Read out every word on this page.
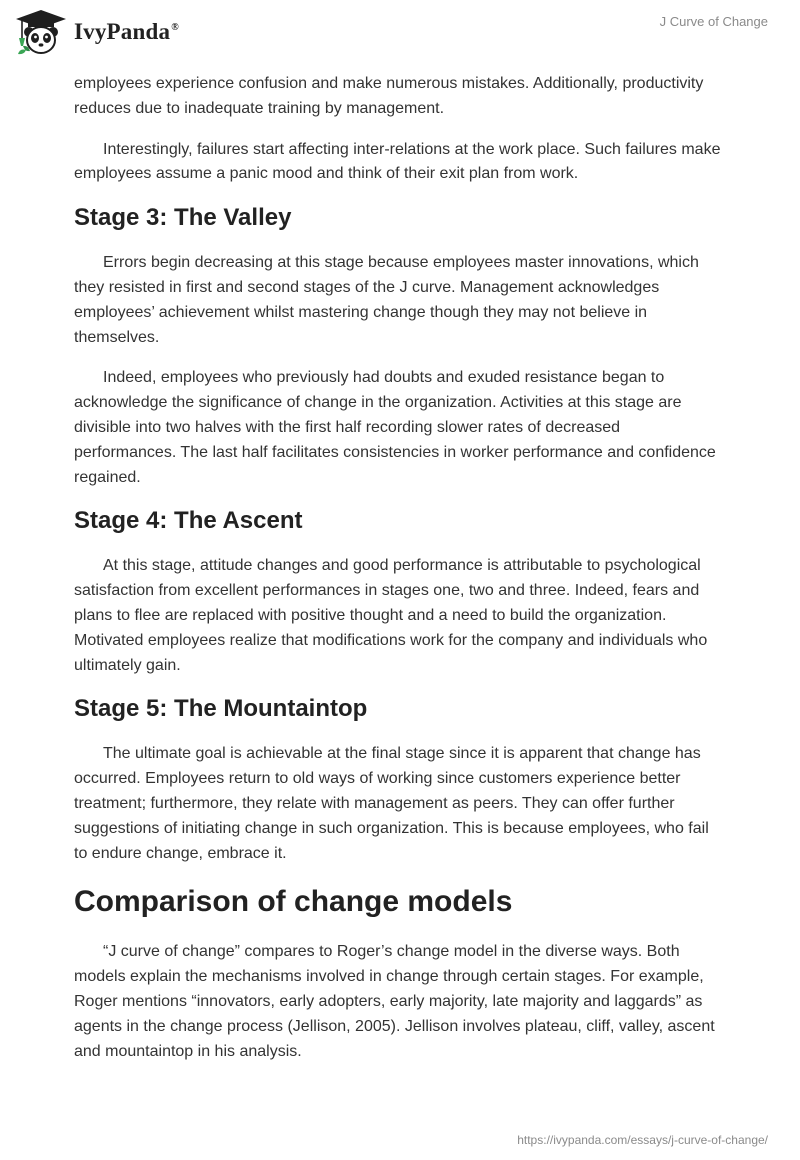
IvyPanda®	J Curve of Change

employees experience confusion and make numerous mistakes. Additionally, productivity reduces due to inadequate training by management.

Interestingly, failures start affecting inter-relations at the work place. Such failures make employees assume a panic mood and think of their exit plan from work.

Stage 3: The Valley

Errors begin decreasing at this stage because employees master innovations, which they resisted in first and second stages of the J curve. Management acknowledges employees’ achievement whilst mastering change though they may not believe in themselves.

Indeed, employees who previously had doubts and exuded resistance began to acknowledge the significance of change in the organization. Activities at this stage are divisible into two halves with the first half recording slower rates of decreased performances. The last half facilitates consistencies in worker performance and confidence regained.

Stage 4: The Ascent

At this stage, attitude changes and good performance is attributable to psychological satisfaction from excellent performances in stages one, two and three. Indeed, fears and plans to flee are replaced with positive thought and a need to build the organization. Motivated employees realize that modifications work for the company and individuals who ultimately gain.

Stage 5: The Mountaintop

The ultimate goal is achievable at the final stage since it is apparent that change has occurred. Employees return to old ways of working since customers experience better treatment; furthermore, they relate with management as peers. They can offer further suggestions of initiating change in such organization. This is because employees, who fail to endure change, embrace it.

Comparison of change models

“J curve of change” compares to Roger’s change model in the diverse ways. Both models explain the mechanisms involved in change through certain stages. For example, Roger mentions “innovators, early adopters, early majority, late majority and laggards” as agents in the change process (Jellison, 2005). Jellison involves plateau, cliff, valley, ascent and mountaintop in his analysis.

https://ivypanda.com/essays/j-curve-of-change/
